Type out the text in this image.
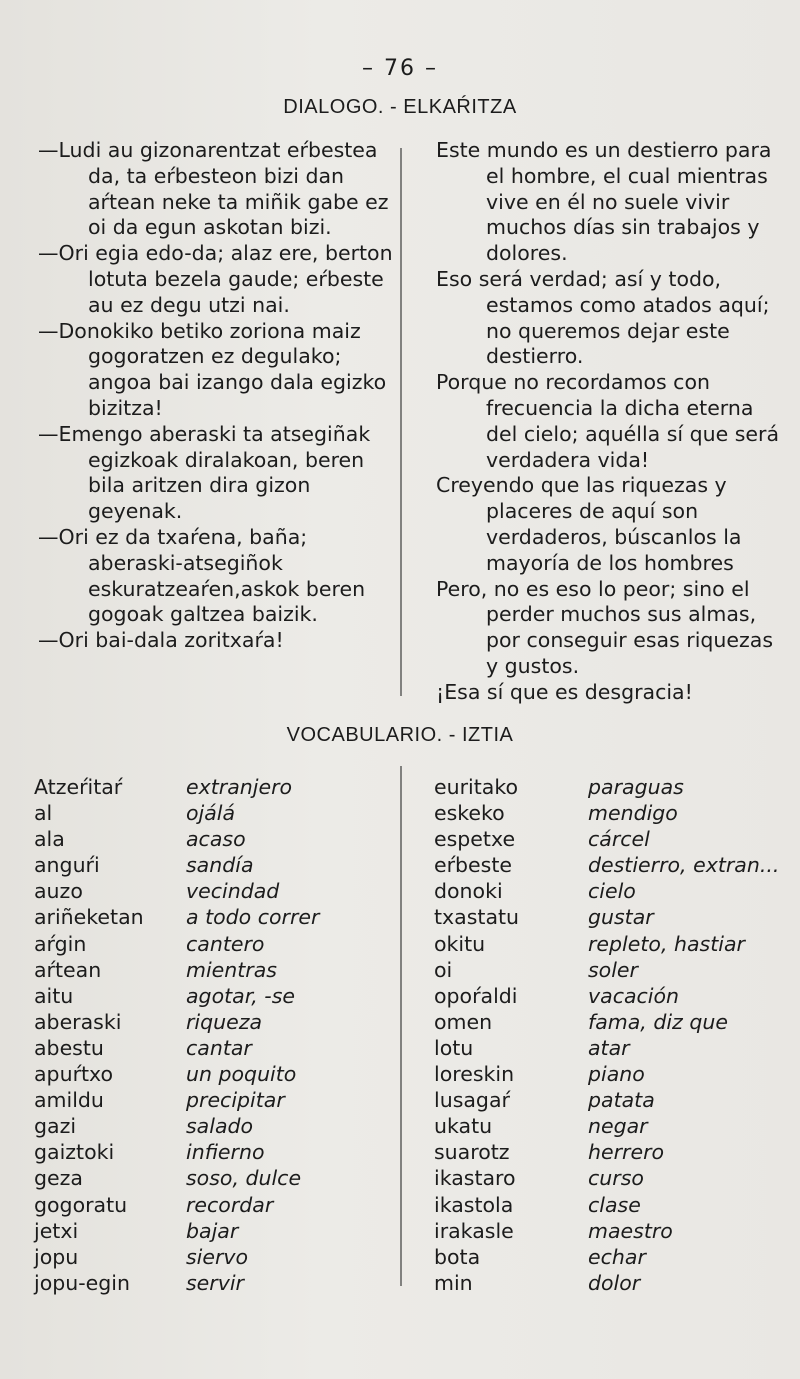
– 76 –
DIALOGO. - ELKAŔITZA

—Ludi au gizonarentzat eŕbestea da, ta eŕbesteon bizi dan aŕtean neke ta miñik gabe ez oi da egun askotan bizi.

—Ori egia edo-da; alaz ere, berton lotuta bezela gaude; eŕbeste au ez degu utzi nai.

—Donokiko betiko zoriona maiz gogoratzen ez degulako; angoa bai izango dala egizko bizitza!

—Emengo aberaski ta atsegiñak egizkoak diralakoan, beren bila aritzen dira gizon geyenak.

—Ori ez da txaŕena, baña; aberaski-atsegiñok eskuratzeaŕen,askok beren gogoak galtzea baizik.

—Ori bai-dala zoritxaŕa!

Este mundo es un destierro para el hombre, el cual mientras vive en él no suele vivir muchos días sin trabajos y dolores.

Eso será verdad; así y todo, estamos como atados aquí; no queremos dejar este destierro.

Porque no recordamos con frecuencia la dicha eterna del cielo; aquélla sí que será verdadera vida!

Creyendo que las riquezas y placeres de aquí son verdaderos, búscanlos la mayoría de los hombres

Pero, no es eso lo peor; sino el perder muchos sus almas, por conseguir esas riquezas y gustos.

¡Esa sí que es desgracia!

VOCABULARIO. - IZTIA
Atzeŕitaŕ	extranjero
al	ojálá
ala	acaso
anguŕi	sandía
auzo	vecindad
ariñeketan	a todo correr
aŕgin	cantero
aŕtean	mientras
aitu	agotar, -se
aberaski	riqueza
abestu	cantar
apuŕtxo	un poquito
amildu	precipitar
gazi	salado
gaiztoki	infierno
geza	soso, dulce
gogoratu	recordar
jetxi	bajar
jopu	siervo
jopu-egin	servir
euritako	paraguas
eskeko	mendigo
espetxe	cárcel
eŕbeste	destierro, extran...
donoki	cielo
txastatu	gustar
okitu	repleto, hastiar
oi	soler
opoŕaldi	vacación
omen	fama, diz que
lotu	atar
loreskin	piano
lusagaŕ	patata
ukatu	negar
suarotz	herrero
ikastaro	curso
ikastola	clase
irakasle	maestro
bota	echar
min	dolor
